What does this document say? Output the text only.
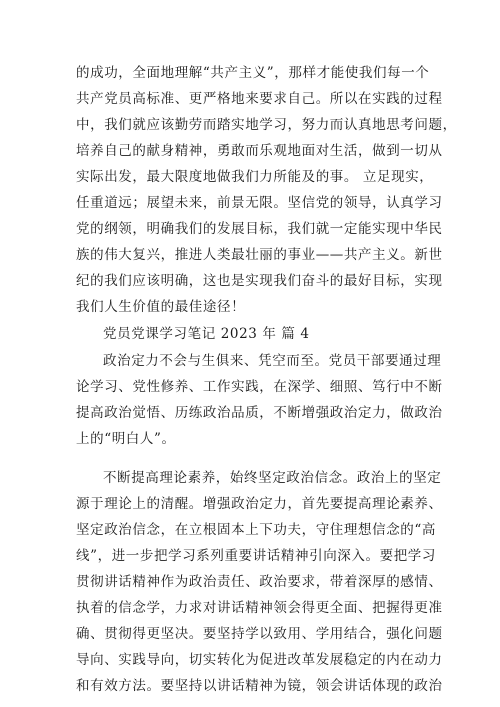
的成功，全面地理解“共产主义”，那样才能使我们每一个
共产党员高标准、更严格地来要求自己。所以在实践的过程
中，我们就应该勤劳而踏实地学习，努力而认真地思考问题，
培养自己的献身精神，勇敢而乐观地面对生活，做到一切从
实际出发，最大限度地做我们力所能及的事。 立足现实，
任重道远；展望未来，前景无限。坚信党的领导，认真学习
党的纲领，明确我们的发展目标，我们就一定能实现中华民
族的伟大复兴，推进人类最壮丽的事业——共产主义。新世
纪的我们应该明确，这也是实现我们奋斗的最好目标，实现
我们人生价值的最佳途径！
党员党课学习笔记 2023 年 篇 4
政治定力不会与生俱来、凭空而至。党员干部要通过理
论学习、党性修养、工作实践，在深学、细照、笃行中不断
提高政治觉悟、历练政治品质，不断增强政治定力，做政治
上的“明白人”。
不断提高理论素养，始终坚定政治信念。政治上的坚定
源于理论上的清醒。增强政治定力，首先要提高理论素养、
坚定政治信念，在立根固本上下功夫，守住理想信念的“高
线”，进一步把学习系列重要讲话精神引向深入。要把学习
贯彻讲话精神作为政治责任、政治要求，带着深厚的感情、
执着的信念学，力求对讲话精神领会得更全面、把握得更准
确、贯彻得更坚决。要坚持学以致用、学用结合，强化问题
导向、实践导向，切实转化为促进改革发展稳定的内在动力
和有效方法。要坚持以讲话精神为镜，领会讲话体现的政治
